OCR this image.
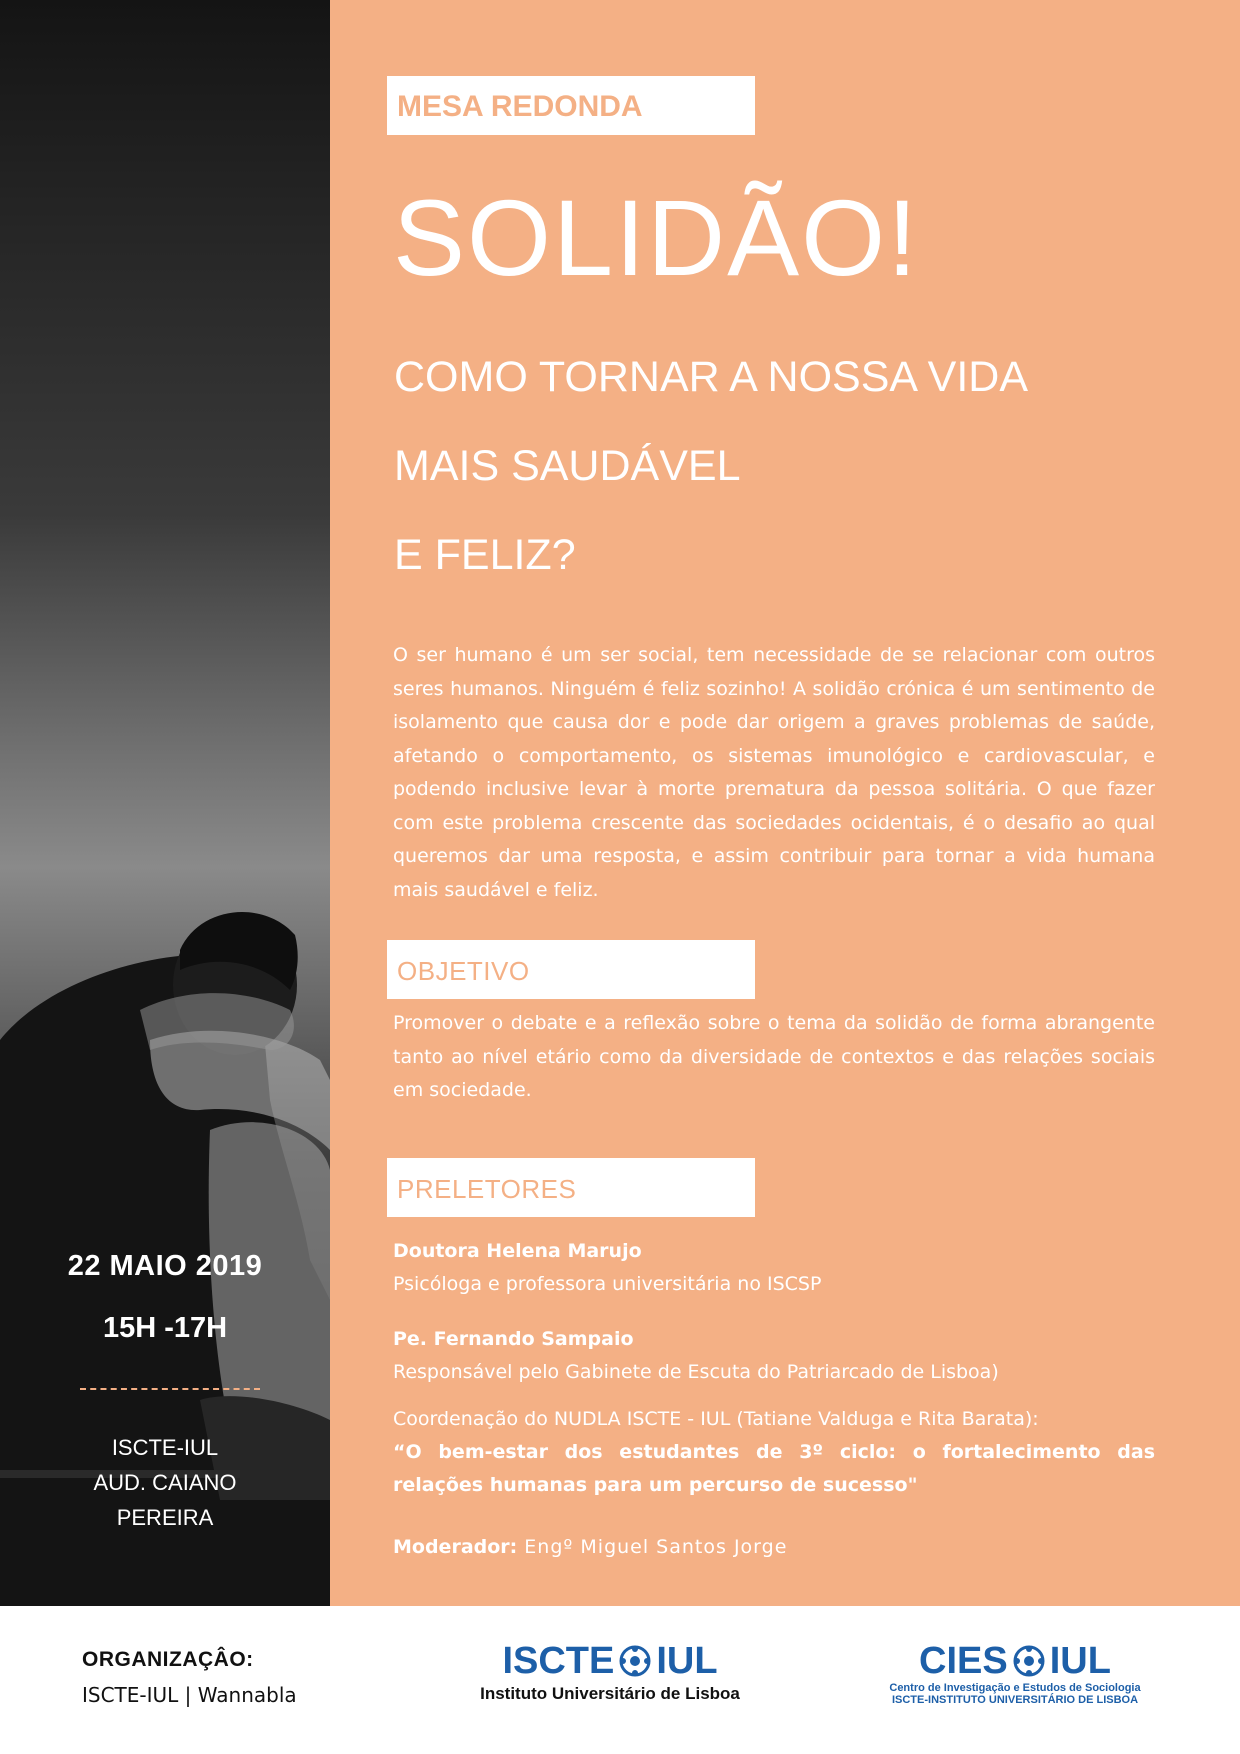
22 MAIO 2019
15H -17H
ISCTE-IUL
AUD. CAIANO
PEREIRA
MESA REDONDA
SOLIDÃO!
COMO TORNAR A NOSSA VIDA
MAIS SAUDÁVEL
E FELIZ?
O ser humano é um ser social, tem necessidade de se relacionar com outros seres humanos. Ninguém é feliz sozinho! A solidão crónica é um sentimento de isolamento que causa dor e pode dar origem a graves problemas de saúde, afetando o comportamento, os sistemas imunológico e cardiovascular, e podendo inclusive levar à morte prematura da pessoa solitária. O que fazer com este problema crescente das sociedades ocidentais, é o desafio ao qual queremos dar uma resposta, e assim contribuir para tornar a vida humana mais saudável e feliz.
OBJETIVO
Promover o debate e a reflexão sobre o tema da solidão de forma abrangente tanto ao nível etário como da diversidade de contextos e das relações sociais em sociedade.
PRELETORES
Doutora Helena Marujo
Psicóloga e professora universitária no ISCSP
Pe. Fernando Sampaio
Responsável pelo Gabinete de Escuta do Patriarcado de Lisboa)
Coordenação do NUDLA ISCTE - IUL (Tatiane Valduga e Rita Barata):
“O bem-estar dos estudantes de 3º ciclo: o fortalecimento das relações humanas para um percurso de sucesso"
Moderador: Engº Miguel Santos Jorge
ORGANIZAÇÂO:
ISCTE-IUL | Wannabla
ISCTE IUL
Instituto Universitário de Lisboa
CIES IUL
Centro de Investigação e Estudos de Sociologia
ISCTE-INSTITUTO UNIVERSITÁRIO DE LISBOA
